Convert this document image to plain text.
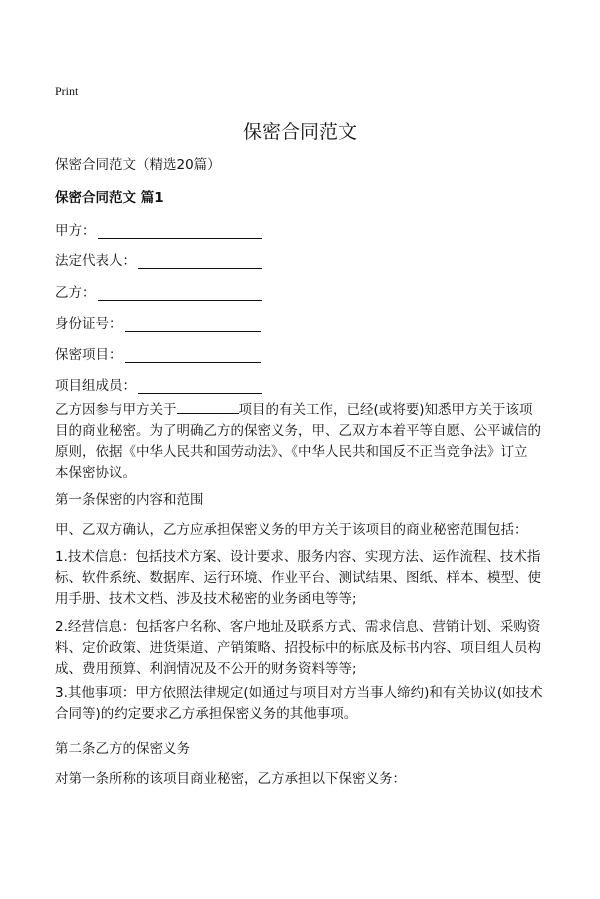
Print
保密合同范文
保密合同范文（精选20篇）
保密合同范文 篇1
甲方：
法定代表人：
乙方：
身份证号：
保密项目：
项目组成员：
乙方因参与甲方关于	项目的有关工作，已经(或将要)知悉甲方关于该项
目的商业秘密。为了明确乙方的保密义务，甲、乙双方本着平等自愿、公平诚信的
原则，依据《中华人民共和国劳动法》、《中华人民共和国反不正当竞争法》订立
本保密协议。
第一条保密的内容和范围
甲、乙双方确认，乙方应承担保密义务的甲方关于该项目的商业秘密范围包括：
1.技术信息：包括技术方案、设计要求、服务内容、实现方法、运作流程、技术指
标、软件系统、数据库、运行环境、作业平台、测试结果、图纸、样本、模型、使
用手册、技术文档、涉及技术秘密的业务函电等等;
2.经营信息：包括客户名称、客户地址及联系方式、需求信息、营销计划、采购资
料、定价政策、进货渠道、产销策略、招投标中的标底及标书内容、项目组人员构
成、费用预算、利润情况及不公开的财务资料等等;
3.其他事项：甲方依照法律规定(如通过与项目对方当事人缔约)和有关协议(如技术
合同等)的约定要求乙方承担保密义务的其他事项。
第二条乙方的保密义务
对第一条所称的该项目商业秘密，乙方承担以下保密义务：
